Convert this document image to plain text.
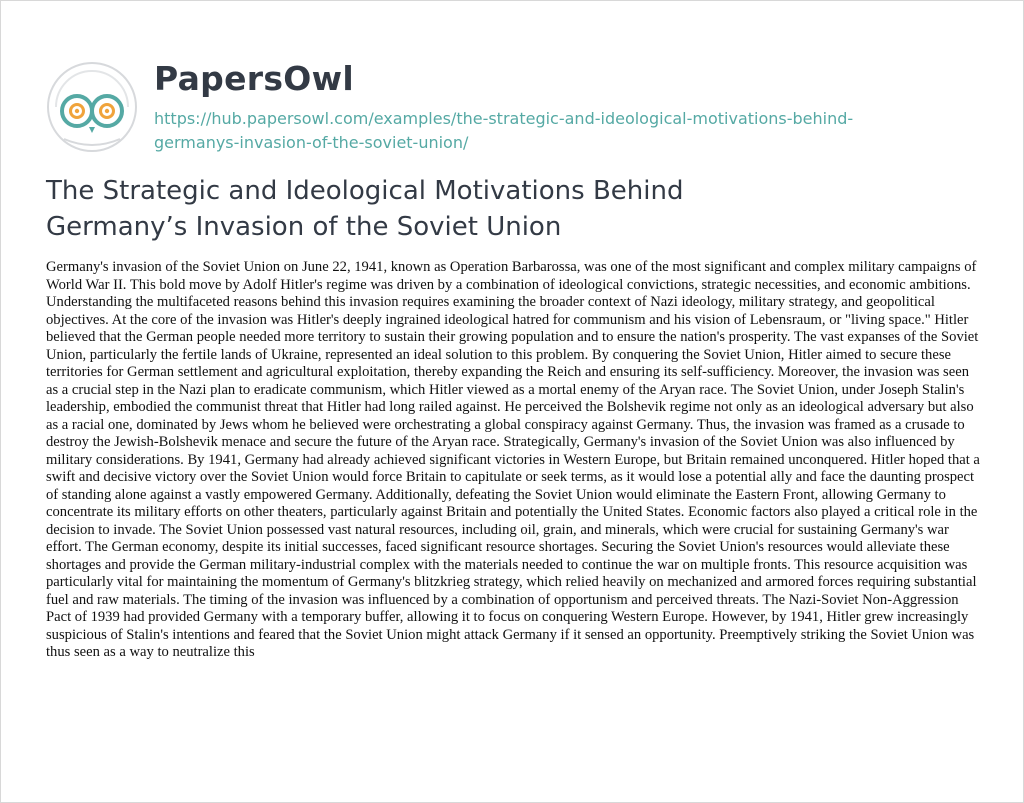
PapersOwl
https://hub.papersowl.com/examples/the-strategic-and-ideological-motivations-behind-
germanys-invasion-of-the-soviet-union/
The Strategic and Ideological Motivations Behind
Germany’s Invasion of the Soviet Union

Germany's invasion of the Soviet Union on June 22, 1941, known as Operation Barbarossa, was one of the most significant and complex military campaigns of World War II. This bold move by Adolf Hitler's regime was driven by a combination of ideological convictions, strategic necessities, and economic ambitions. Understanding the multifaceted reasons behind this invasion requires examining the broader context of Nazi ideology, military strategy, and geopolitical objectives. At the core of the invasion was Hitler's deeply ingrained ideological hatred for communism and his vision of Lebensraum, or "living space." Hitler believed that the German people needed more territory to sustain their growing population and to ensure the nation's prosperity. The vast expanses of the Soviet Union, particularly the fertile lands of Ukraine, represented an ideal solution to this problem. By conquering the Soviet Union, Hitler aimed to secure these territories for German settlement and agricultural exploitation, thereby expanding the Reich and ensuring its self-sufficiency. Moreover, the invasion was seen as a crucial step in the Nazi plan to eradicate communism, which Hitler viewed as a mortal enemy of the Aryan race. The Soviet Union, under Joseph Stalin's leadership, embodied the communist threat that Hitler had long railed against. He perceived the Bolshevik regime not only as an ideological adversary but also as a racial one, dominated by Jews whom he believed were orchestrating a global conspiracy against Germany. Thus, the invasion was framed as a crusade to destroy the Jewish-Bolshevik menace and secure the future of the Aryan race. Strategically, Germany's invasion of the Soviet Union was also influenced by military considerations. By 1941, Germany had already achieved significant victories in Western Europe, but Britain remained unconquered. Hitler hoped that a swift and decisive victory over the Soviet Union would force Britain to capitulate or seek terms, as it would lose a potential ally and face the daunting prospect of standing alone against a vastly empowered Germany. Additionally, defeating the Soviet Union would eliminate the Eastern Front, allowing Germany to concentrate its military efforts on other theaters, particularly against Britain and potentially the United States. Economic factors also played a critical role in the decision to invade. The Soviet Union possessed vast natural resources, including oil, grain, and minerals, which were crucial for sustaining Germany's war effort. The German economy, despite its initial successes, faced significant resource shortages. Securing the Soviet Union's resources would alleviate these shortages and provide the German military-industrial complex with the materials needed to continue the war on multiple fronts. This resource acquisition was particularly vital for maintaining the momentum of Germany's blitzkrieg strategy, which relied heavily on mechanized and armored forces requiring substantial fuel and raw materials. The timing of the invasion was influenced by a combination of opportunism and perceived threats. The Nazi-Soviet Non-Aggression Pact of 1939 had provided Germany with a temporary buffer, allowing it to focus on conquering Western Europe. However, by 1941, Hitler grew increasingly suspicious of Stalin's intentions and feared that the Soviet Union might attack Germany if it sensed an opportunity. Preemptively striking the Soviet Union was thus seen as a way to neutralize this
